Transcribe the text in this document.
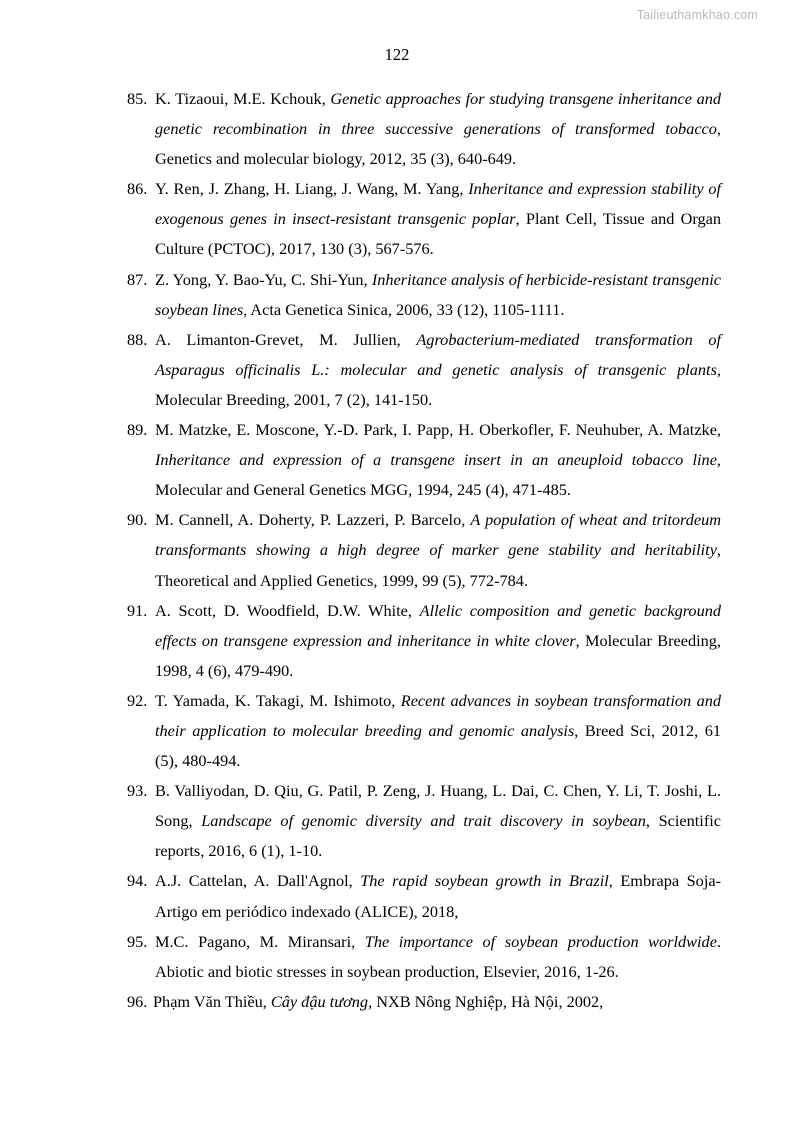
Tailieuthamkhao.com
122
85. K. Tizaoui, M.E. Kchouk, Genetic approaches for studying transgene inheritance and genetic recombination in three successive generations of transformed tobacco, Genetics and molecular biology, 2012, 35 (3), 640-649.
86. Y. Ren, J. Zhang, H. Liang, J. Wang, M. Yang, Inheritance and expression stability of exogenous genes in insect-resistant transgenic poplar, Plant Cell, Tissue and Organ Culture (PCTOC), 2017, 130 (3), 567-576.
87. Z. Yong, Y. Bao-Yu, C. Shi-Yun, Inheritance analysis of herbicide-resistant transgenic soybean lines, Acta Genetica Sinica, 2006, 33 (12), 1105-1111.
88. A. Limanton-Grevet, M. Jullien, Agrobacterium-mediated transformation of Asparagus officinalis L.: molecular and genetic analysis of transgenic plants, Molecular Breeding, 2001, 7 (2), 141-150.
89. M. Matzke, E. Moscone, Y.-D. Park, I. Papp, H. Oberkofler, F. Neuhuber, A. Matzke, Inheritance and expression of a transgene insert in an aneuploid tobacco line, Molecular and General Genetics MGG, 1994, 245 (4), 471-485.
90. M. Cannell, A. Doherty, P. Lazzeri, P. Barcelo, A population of wheat and tritordeum transformants showing a high degree of marker gene stability and heritability, Theoretical and Applied Genetics, 1999, 99 (5), 772-784.
91. A. Scott, D. Woodfield, D.W. White, Allelic composition and genetic background effects on transgene expression and inheritance in white clover, Molecular Breeding, 1998, 4 (6), 479-490.
92. T. Yamada, K. Takagi, M. Ishimoto, Recent advances in soybean transformation and their application to molecular breeding and genomic analysis, Breed Sci, 2012, 61 (5), 480-494.
93. B. Valliyodan, D. Qiu, G. Patil, P. Zeng, J. Huang, L. Dai, C. Chen, Y. Li, T. Joshi, L. Song, Landscape of genomic diversity and trait discovery in soybean, Scientific reports, 2016, 6 (1), 1-10.
94. A.J. Cattelan, A. Dall'Agnol, The rapid soybean growth in Brazil, Embrapa Soja-Artigo em periódico indexado (ALICE), 2018,
95. M.C. Pagano, M. Miransari, The importance of soybean production worldwide. Abiotic and biotic stresses in soybean production, Elsevier, 2016, 1-26.
96. Phạm Văn Thiều, Cây đậu tương, NXB Nông Nghiệp, Hà Nội, 2002,
